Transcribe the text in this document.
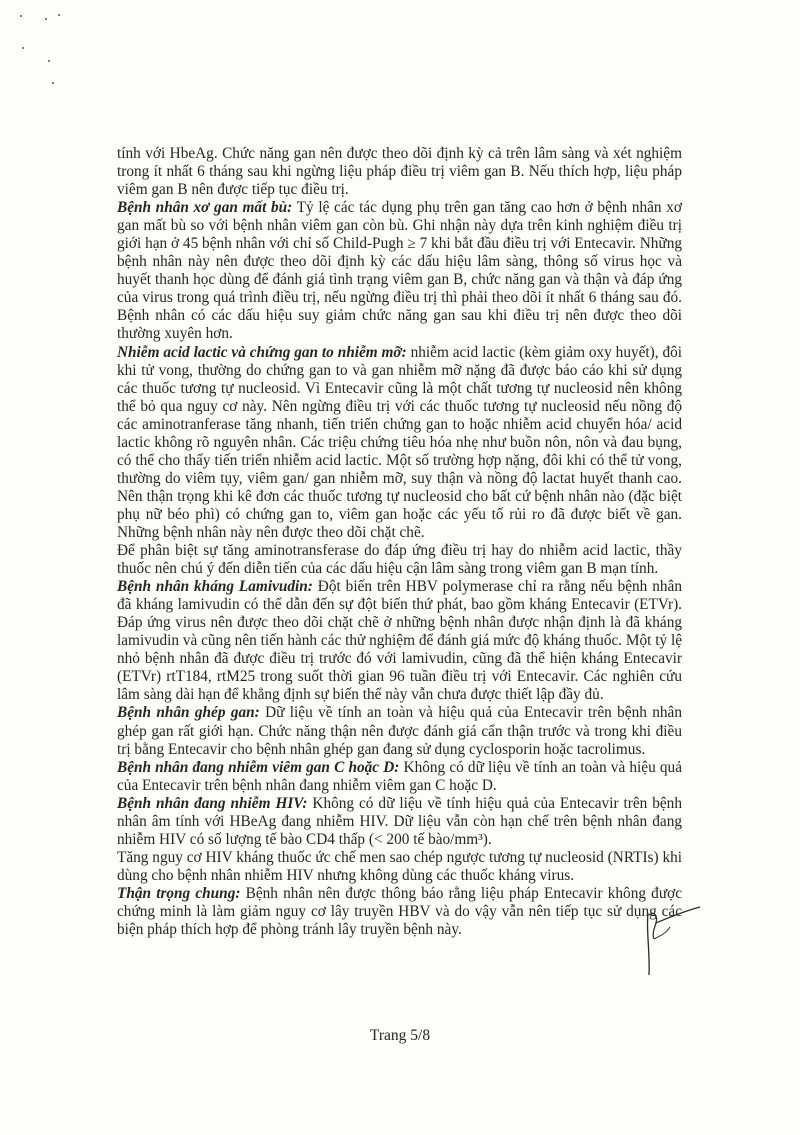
tính với HbeAg. Chức năng gan nên được theo dõi định kỳ cả trên lâm sàng và xét nghiệm trong ít nhất 6 tháng sau khi ngừng liệu pháp điều trị viêm gan B. Nếu thích hợp, liệu pháp viêm gan B nên được tiếp tục điều trị.

Bệnh nhân xơ gan mất bù: Tỷ lệ các tác dụng phụ trên gan tăng cao hơn ở bệnh nhân xơ gan mất bù so với bệnh nhân viêm gan còn bù. Ghi nhận này dựa trên kinh nghiệm điều trị giới hạn ở 45 bệnh nhân với chỉ số Child-Pugh ≥ 7 khi bắt đầu điều trị với Entecavir. Những bệnh nhân này nên được theo dõi định kỳ các dấu hiệu lâm sàng, thông số virus học và huyết thanh học dùng để đánh giá tình trạng viêm gan B, chức năng gan và thận và đáp ứng của virus trong quá trình điều trị, nếu ngừng điều trị thì phải theo dõi ít nhất 6 tháng sau đó. Bệnh nhân có các dấu hiệu suy giảm chức năng gan sau khi điều trị nên được theo dõi thường xuyên hơn.

Nhiễm acid lactic và chứng gan to nhiễm mỡ: nhiễm acid lactic (kèm giảm oxy huyết), đôi khi tử vong, thường do chứng gan to và gan nhiễm mỡ nặng đã được báo cáo khi sử dụng các thuốc tương tự nucleosid. Vì Entecavir cũng là một chất tương tự nucleosid nên không thể bỏ qua nguy cơ này. Nên ngừng điều trị với các thuốc tương tự nucleosid nếu nồng độ các aminotranferase tăng nhanh, tiến triển chứng gan to hoặc nhiễm acid chuyển hóa/ acid lactic không rõ nguyên nhân. Các triệu chứng tiêu hóa nhẹ như buồn nôn, nôn và đau bụng, có thể cho thấy tiến triển nhiễm acid lactic. Một số trường hợp nặng, đôi khi có thể tử vong, thường do viêm tụy, viêm gan/ gan nhiễm mỡ, suy thận và nồng độ lactat huyết thanh cao. Nên thận trọng khi kê đơn các thuốc tương tự nucleosid cho bất cứ bệnh nhân nào (đặc biệt phụ nữ béo phì) có chứng gan to, viêm gan hoặc các yếu tố rủi ro đã được biết về gan. Những bệnh nhân này nên được theo dõi chặt chẽ.

Để phân biệt sự tăng aminotransferase do đáp ứng điều trị hay do nhiễm acid lactic, thầy thuốc nên chú ý đến diễn tiến của các dấu hiệu cận lâm sàng trong viêm gan B mạn tính.

Bệnh nhân kháng Lamivudin: Đột biến trên HBV polymerase chỉ ra rằng nếu bệnh nhân đã kháng lamivudin có thể dẫn đến sự đột biến thứ phát, bao gồm kháng Entecavir (ETVr). Đáp ứng virus nên được theo dõi chặt chẽ ở những bệnh nhân được nhận định là đã kháng lamivudin và cũng nên tiến hành các thử nghiệm để đánh giá mức độ kháng thuốc. Một tỷ lệ nhỏ bệnh nhân đã được điều trị trước đó với lamivudin, cũng đã thể hiện kháng Entecavir (ETVr) rtT184, rtM25 trong suốt thời gian 96 tuần điều trị với Entecavir. Các nghiên cứu lâm sàng dài hạn để khẳng định sự biến thể này vẫn chưa được thiết lập đầy đủ.

Bệnh nhân ghép gan: Dữ liệu về tính an toàn và hiệu quả của Entecavir trên bệnh nhân ghép gan rất giới hạn. Chức năng thận nên được đánh giá cẩn thận trước và trong khi điều trị bằng Entecavir cho bệnh nhân ghép gan đang sử dụng cyclosporin hoặc tacrolimus.

Bệnh nhân đang nhiễm viêm gan C hoặc D: Không có dữ liệu về tính an toàn và hiệu quả của Entecavir trên bệnh nhân đang nhiễm viêm gan C hoặc D.

Bệnh nhân đang nhiễm HIV: Không có dữ liệu về tính hiệu quả của Entecavir trên bệnh nhân âm tính với HBeAg đang nhiễm HIV. Dữ liệu vẫn còn hạn chế trên bệnh nhân đang nhiễm HIV có số lượng tế bào CD4 thấp (< 200 tế bào/mm³).

Tăng nguy cơ HIV kháng thuốc ức chế men sao chép ngược tương tự nucleosid (NRTIs) khi dùng cho bệnh nhân nhiễm HIV nhưng không dùng các thuốc kháng virus.

Thận trọng chung: Bệnh nhân nên được thông báo rằng liệu pháp Entecavir không được chứng minh là làm giảm nguy cơ lây truyền HBV và do vậy vẫn nên tiếp tục sử dụng các biện pháp thích hợp để phòng tránh lây truyền bệnh này.

Trang 5/8
